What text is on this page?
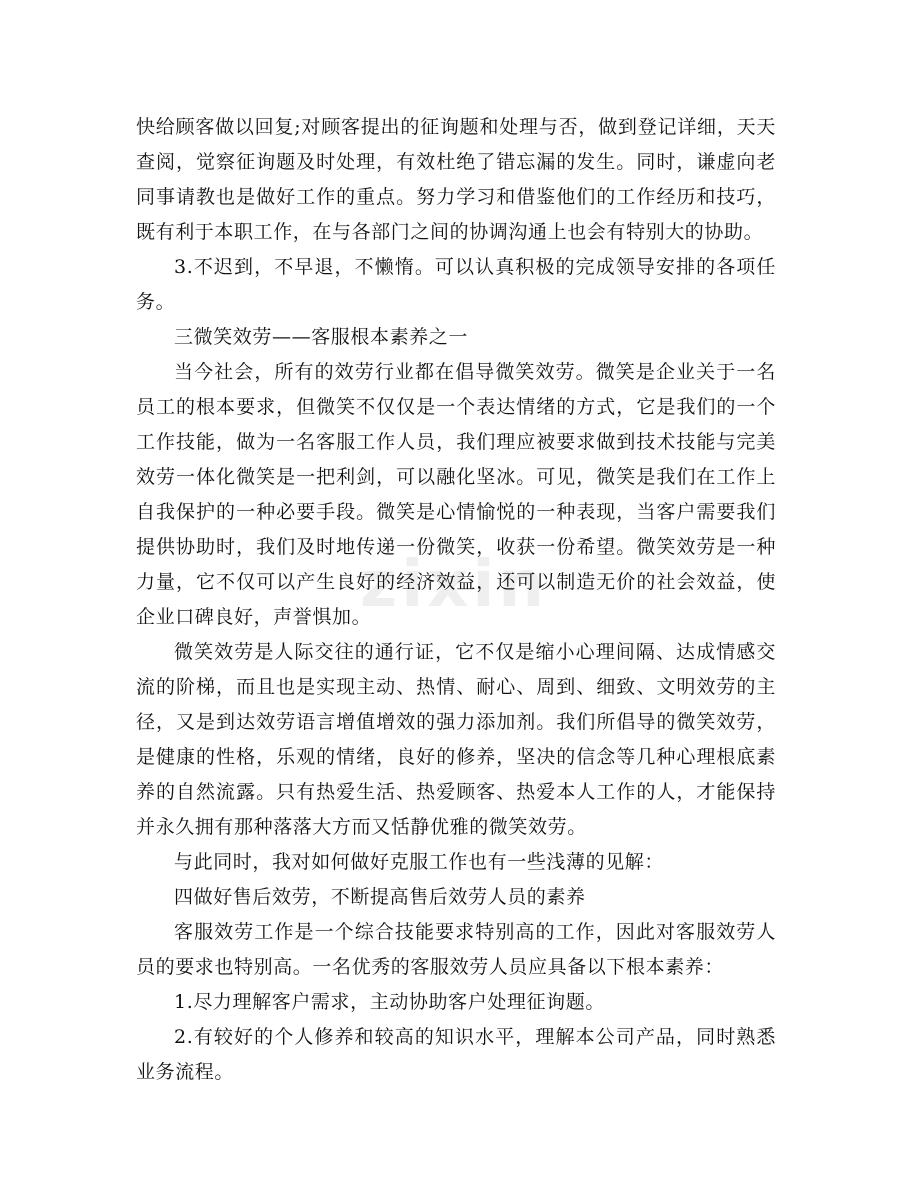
zixin

快给顾客做以回复;对顾客提出的征询题和处理与否，做到登记详细，天天查阅，觉察征询题及时处理，有效杜绝了错忘漏的发生。同时，谦虚向老同事请教也是做好工作的重点。努力学习和借鉴他们的工作经历和技巧，既有利于本职工作，在与各部门之间的协调沟通上也会有特别大的协助。

3.不迟到，不早退，不懒惰。可以认真积极的完成领导安排的各项任务。

三微笑效劳——客服根本素养之一

当今社会，所有的效劳行业都在倡导微笑效劳。微笑是企业关于一名员工的根本要求，但微笑不仅仅是一个表达情绪的方式，它是我们的一个工作技能，做为一名客服工作人员，我们理应被要求做到技术技能与完美效劳一体化微笑是一把利剑，可以融化坚冰。可见，微笑是我们在工作上自我保护的一种必要手段。微笑是心情愉悦的一种表现，当客户需要我们提供协助时，我们及时地传递一份微笑，收获一份希望。微笑效劳是一种力量，它不仅可以产生良好的经济效益，还可以制造无价的社会效益，使企业口碑良好，声誉惧加。

微笑效劳是人际交往的通行证，它不仅是缩小心理间隔、达成情感交流的阶梯，而且也是实现主动、热情、耐心、周到、细致、文明效劳的主径，又是到达效劳语言增值增效的强力添加剂。我们所倡导的微笑效劳，是健康的性格，乐观的情绪，良好的修养，坚决的信念等几种心理根底素养的自然流露。只有热爱生活、热爱顾客、热爱本人工作的人，才能保持并永久拥有那种落落大方而又恬静优雅的微笑效劳。

与此同时，我对如何做好克服工作也有一些浅薄的见解：

四做好售后效劳，不断提高售后效劳人员的素养

客服效劳工作是一个综合技能要求特别高的工作，因此对客服效劳人员的要求也特别高。一名优秀的客服效劳人员应具备以下根本素养：

1.尽力理解客户需求，主动协助客户处理征询题。

2.有较好的个人修养和较高的知识水平，理解本公司产品，同时熟悉业务流程。
